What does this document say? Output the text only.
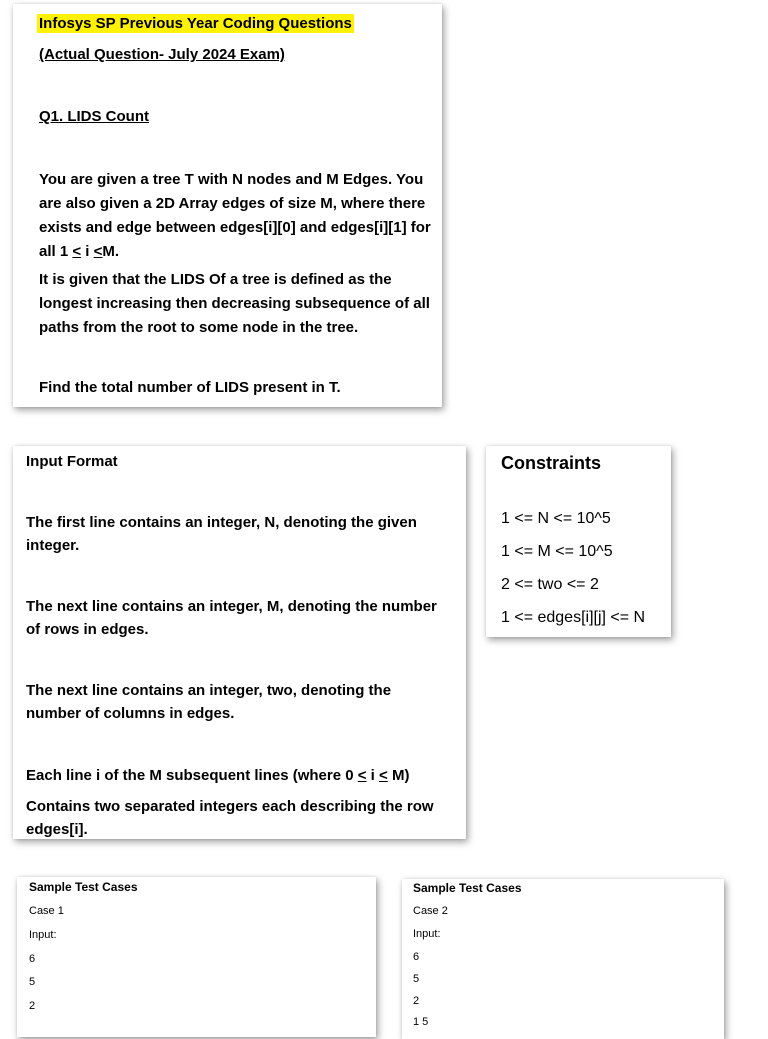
Infosys SP Previous Year Coding Questions
(Actual Question- July 2024 Exam)
Q1. LIDS Count
You are given a tree T with N nodes and M Edges. You are also given a 2D Array edges of size M, where there exists and edge between edges[i][0] and edges[i][1] for all 1 < i <M.
It is given that the LIDS Of a tree is defined as the longest increasing then decreasing subsequence of all paths from the root to some node in the tree.
Find the total number of LIDS present in T.
Input Format
The first line contains an integer, N, denoting the given integer.
The next line contains an integer, M, denoting the number of rows in edges.
The next line contains an integer, two, denoting the number of columns in edges.
Each line i of the M subsequent lines (where 0 < i < M)
Contains two separated integers each describing the row edges[i].
Constraints
1 <= N <= 10^5
1 <= M <= 10^5
2 <= two <= 2
1 <= edges[i][j] <= N
Sample Test Cases
Case 1
Input:
6
5
2
Sample Test Cases
Case 2
Input:
6
5
2
1 5
